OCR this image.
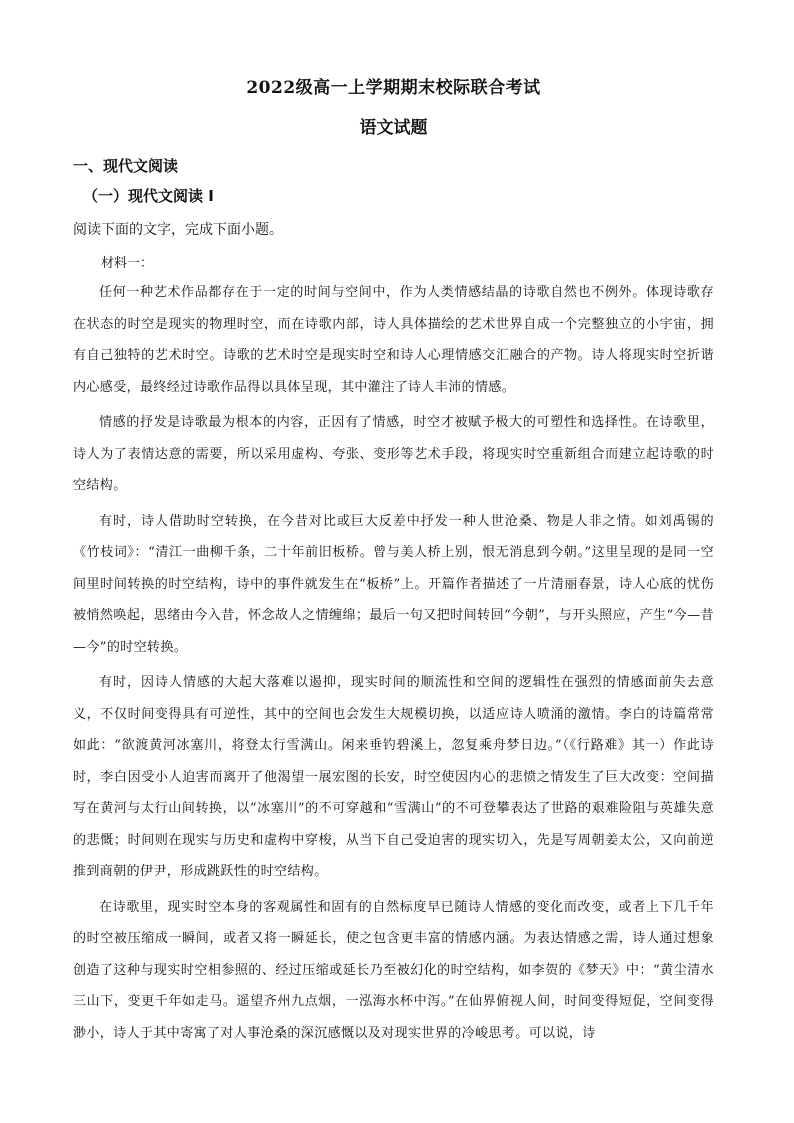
2022级高一上学期期末校际联合考试
语文试题
一、现代文阅读
（一）现代文阅读 I
阅读下面的文字，完成下面小题。
材料一：

任何一种艺术作品都存在于一定的时间与空间中，作为人类情感结晶的诗歌自然也不例外。体现诗歌存在状态的时空是现实的物理时空，而在诗歌内部，诗人具体描绘的艺术世界自成一个完整独立的小宇宙，拥有自己独特的艺术时空。诗歌的艺术时空是现实时空和诗人心理情感交汇融合的产物。诗人将现实时空折谐内心感受，最终经过诗歌作品得以具体呈现，其中灌注了诗人丰沛的情感。

情感的抒发是诗歌最为根本的内容，正因有了情感，时空才被赋予极大的可塑性和选择性。在诗歌里，诗人为了表情达意的需要，所以采用虚构、夸张、变形等艺术手段，将现实时空重新组合而建立起诗歌的时空结构。

有时，诗人借助时空转换，在今昔对比或巨大反差中抒发一种人世沧桑、物是人非之情。如刘禹锡的《竹枝词》：“清江一曲柳千条，二十年前旧板桥。曾与美人桥上别，恨无消息到今朝。”这里呈现的是同一空间里时间转换的时空结构，诗中的事件就发生在“板桥”上。开篇作者描述了一片清丽春景，诗人心底的忧伤被悄然唤起，思绪由今入昔，怀念故人之情缠绵；最后一句又把时间转回“今朝”，与开头照应，产生“今—昔—今”的时空转换。

有时，因诗人情感的大起大落难以遏抑，现实时间的顺流性和空间的逻辑性在强烈的情感面前失去意义，不仅时间变得具有可逆性，其中的空间也会发生大规模切换，以适应诗人喷涌的激情。李白的诗篇常常如此：“欲渡黄河冰塞川，将登太行雪满山。闲来垂钓碧溪上，忽复乘舟梦日边。”（《行路难》其一）作此诗时，李白因受小人迫害而离开了他渴望一展宏图的长安，时空使因内心的悲愤之情发生了巨大改变：空间描写在黄河与太行山间转换，以“冰塞川”的不可穿越和“雪满山”的不可登攀表达了世路的艰难险阻与英雄失意的悲慨；时间则在现实与历史和虚构中穿梭，从当下自己受迫害的现实切入，先是写周朝姜太公，又向前逆推到商朝的伊尹，形成跳跃性的时空结构。

在诗歌里，现实时空本身的客观属性和固有的自然标度早已随诗人情感的变化而改变，或者上下几千年的时空被压缩成一瞬间，或者又将一瞬延长，使之包含更丰富的情感内涵。为表达情感之需，诗人通过想象创造了这种与现实时空相参照的、经过压缩或延长乃至被幻化的时空结构，如李贺的《梦天》中：“黄尘清水三山下，变更千年如走马。遥望齐州九点烟，一泓海水杯中泻。”在仙界俯视人间，时间变得短促，空间变得渺小，诗人于其中寄寓了对人事沧桑的深沉感慨以及对现实世界的冷峻思考。可以说，诗
